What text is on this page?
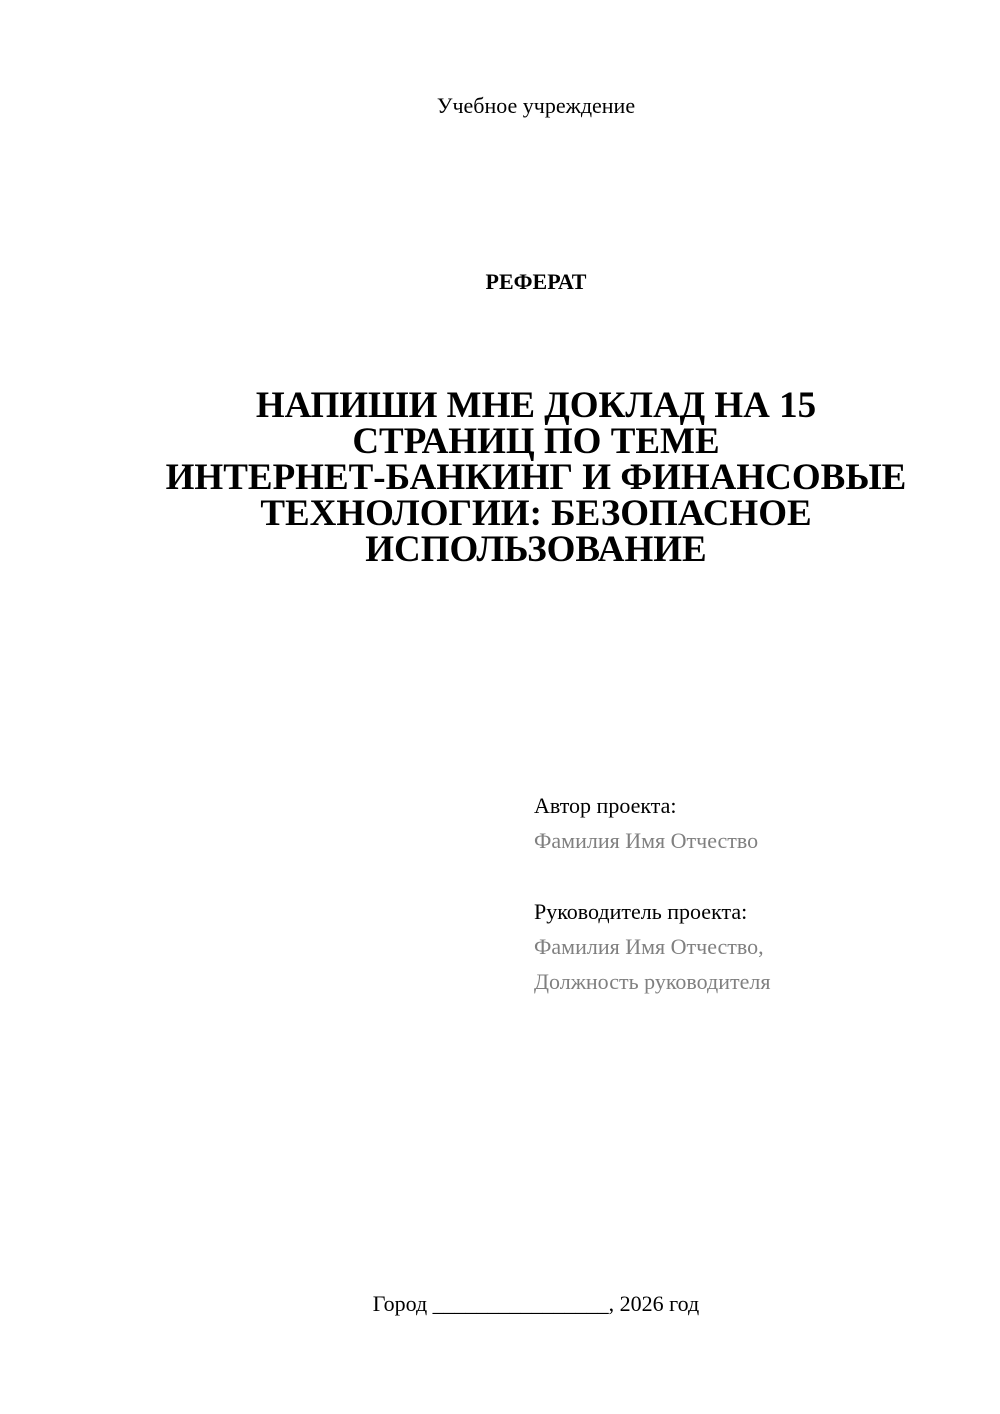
Учебное учреждение
РЕФЕРАТ
НАПИШИ МНЕ ДОКЛАД НА 15
СТРАНИЦ ПО ТЕМЕ
ИНТЕРНЕТ-БАНКИНГ И ФИНАНСОВЫЕ
ТЕХНОЛОГИИ: БЕЗОПАСНОЕ
ИСПОЛЬЗОВАНИЕ
Автор проекта:
Фамилия Имя Отчество
Руководитель проекта:
Фамилия Имя Отчество,
Должность руководителя
Город ________________, 2026 год
